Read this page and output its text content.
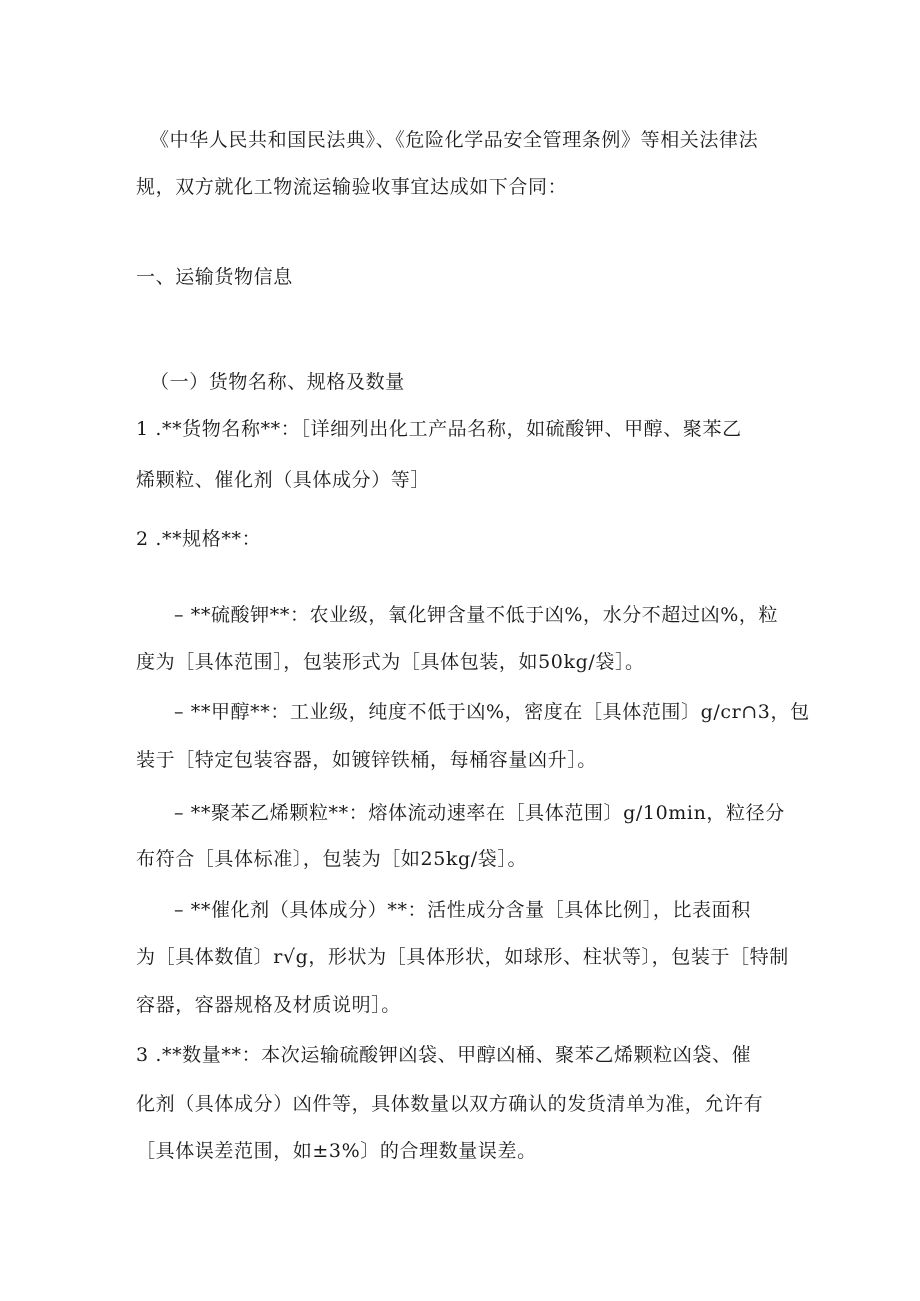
《中华人民共和国民法典》、《危险化学品安全管理条例》等相关法律法
规，双方就化工物流运输验收事宜达成如下合同：
一、运输货物信息
（一）货物名称、规格及数量
1 .**货物名称**：［详细列出化工产品名称，如硫酸钾、甲醇、聚苯乙
烯颗粒、催化剂（具体成分）等］
2 .**规格**：
– **硫酸钾**：农业级，氧化钾含量不低于凶%，水分不超过凶%，粒
度为［具体范围］，包装形式为［具体包装，如50kg/袋］。
– **甲醇**：工业级，纯度不低于凶%，密度在［具体范围〕g/cr∩3，包
装于［特定包装容器，如镀锌铁桶，每桶容量凶升］。
– **聚苯乙烯颗粒**：熔体流动速率在［具体范围〕g/10min，粒径分
布符合［具体标准〕，包装为［如25kg/袋］。
– **催化剂（具体成分）**：活性成分含量［具体比例］，比表面积
为［具体数值〕r√g，形状为［具体形状，如球形、柱状等〕，包装于［特制
容器，容器规格及材质说明］。
3 .**数量**：本次运输硫酸钾凶袋、甲醇凶桶、聚苯乙烯颗粒凶袋、催
化剂（具体成分）凶件等，具体数量以双方确认的发货清单为准，允许有
［具体误差范围，如±3%〕的合理数量误差。
